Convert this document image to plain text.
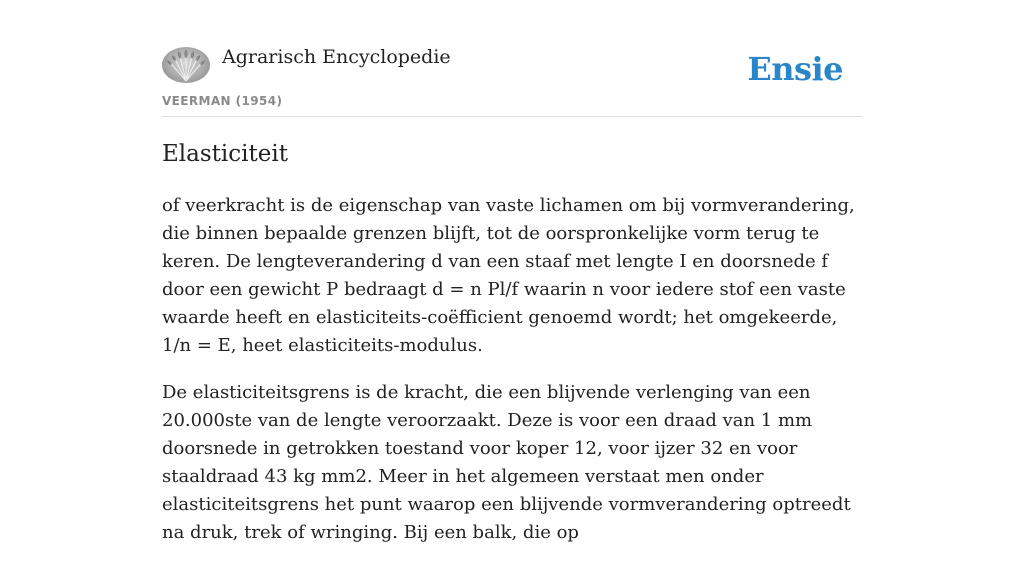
Agrarisch Encyclopedie
VEERMAN (1954)
Ensie
Elasticiteit

of veerkracht is de eigenschap van vaste lichamen om bij vormverandering, die binnen bepaalde grenzen blijft, tot de oorspronkelijke vorm terug te keren. De lengteverandering d van een staaf met lengte I en doorsnede f door een gewicht P bedraagt d = n Pl/f waarin n voor iedere stof een vaste waarde heeft en elasticiteits-coëfficient genoemd wordt; het omgekeerde, 1/n = E, heet elasticiteits-modulus.

De elasticiteitsgrens is de kracht, die een blijvende verlenging van een 20.000ste van de lengte veroorzaakt. Deze is voor een draad van 1 mm doorsnede in getrokken toestand voor koper 12, voor ijzer 32 en voor staaldraad 43 kg mm2. Meer in het algemeen verstaat men onder elasticiteitsgrens het punt waarop een blijvende vormverandering optreedt na druk, trek of wringing. Bij een balk, die op
